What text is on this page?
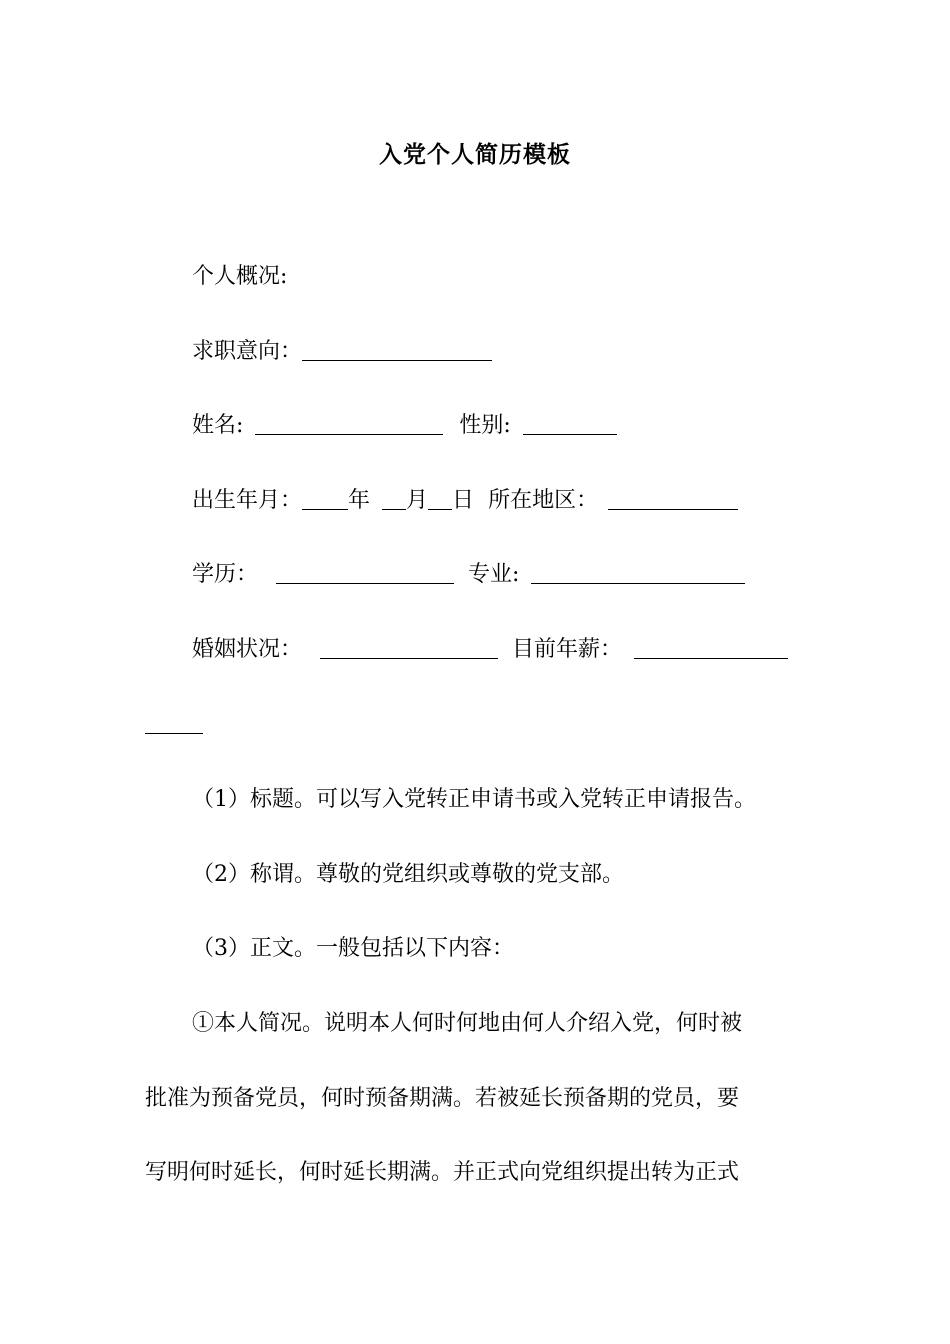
入党个人简历模板
个人概况:
求职意向：
姓名:	性别:
出生年月： 年 月 日 所在地区：
学历：	专业:
婚姻状况：	目前年薪：
（1）标题。可以写入党转正申请书或入党转正申请报告。
（2）称谓。尊敬的党组织或尊敬的党支部。
（3）正文。一般包括以下内容：
①本人简况。说明本人何时何地由何人介绍入党，何时被
批准为预备党员，何时预备期满。若被延长预备期的党员，要
写明何时延长，何时延长期满。并正式向党组织提出转为正式
